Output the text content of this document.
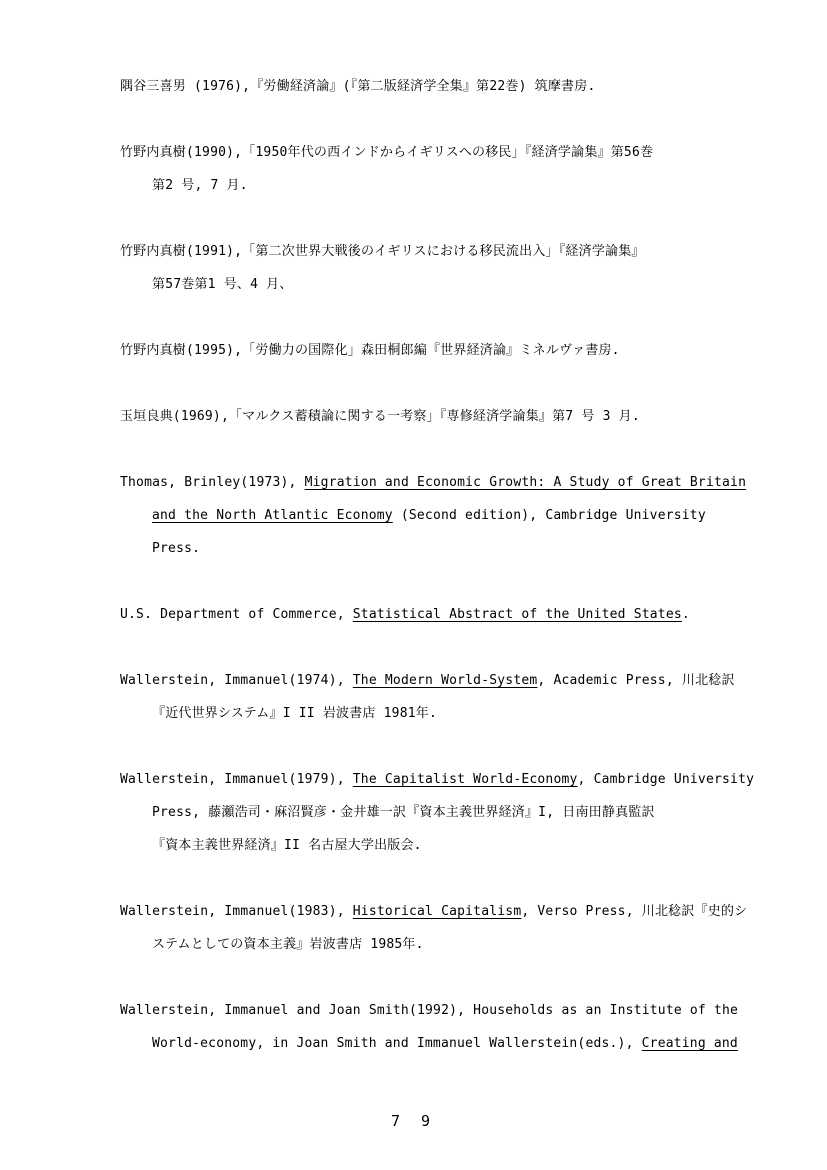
隅谷三喜男 (1976),『労働経済論』(『第二版経済学全集』第22巻) 筑摩書房.

竹野内真樹(1990),「1950年代の西インドからイギリスへの移民」『経済学論集』第56巻
第2 号, 7 月.

竹野内真樹(1991),「第二次世界大戦後のイギリスにおける移民流出入」『経済学論集』
第57巻第1 号、4 月、

竹野内真樹(1995),「労働力の国際化」森田桐郎編『世界経済論』ミネルヴァ書房.

玉垣良典(1969),「マルクス蓄積論に関する一考察」『専修経済学論集』第7 号 3 月.

Thomas, Brinley(1973), Migration and Economic Growth: A Study of Great Britain
and the North Atlantic Economy (Second edition), Cambridge University
Press.

U.S. Department of Commerce, Statistical Abstract of the United States.

Wallerstein, Immanuel(1974), The Modern World-System, Academic Press, 川北稔訳
『近代世界システム』I II 岩波書店 1981年.

Wallerstein, Immanuel(1979), The Capitalist World-Economy, Cambridge University
Press, 藤瀬浩司・麻沼賢彦・金井雄一訳『資本主義世界経済』I, 日南田静真監訳
『資本主義世界経済』II 名古屋大学出版会.

Wallerstein, Immanuel(1983), Historical Capitalism, Verso Press, 川北稔訳『史的シ
ステムとしての資本主義』岩波書店 1985年.

Wallerstein, Immanuel and Joan Smith(1992), Households as an Institute of the
World-economy, in Joan Smith and Immanuel Wallerstein(eds.), Creating and

7 9
